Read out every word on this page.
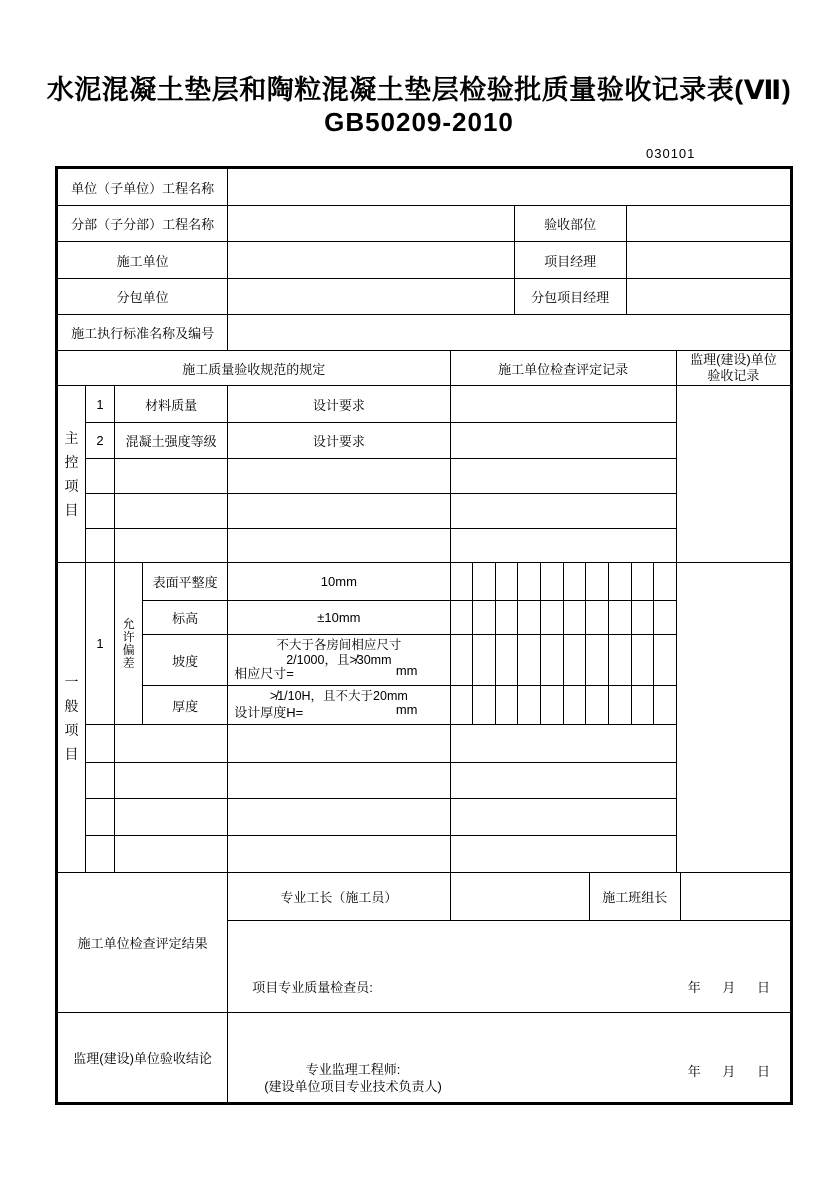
水泥混凝土垫层和陶粒混凝土垫层检验批质量验收记录表(Ⅶ)
GB50209-2010
030101
单位（子单位）工程名称			
分部（子分部）工程名称		验收部位	
施工单位		项目经理	
分包单位		分包项目经理	
施工执行标准名称及编号			
施工质量验收规范的规定					施工单位检查评定记录	监理(建设)单位
验收记录

主控项目	1	材料质量		设计要求		
	2	混凝土强度等级		设计要求		

一般项目	1	允许偏差	表面平整度	10mm	

			标高	±10mm		

			坡度	不大于各房间相应尺寸
2/1000，且≯30mm
相应尺寸= mm		

			厚度	≯1/10H，且不大于20mm
设计厚度H= mm		

施工单位检查评定结果	专业工长（施工员）		施工班组长	

	项目专业质量检查员: 年 月 日			

监理(建设)单位验收结论	专业监理工程师:
(建设单位项目专业技术负责人)
年 月 日			
